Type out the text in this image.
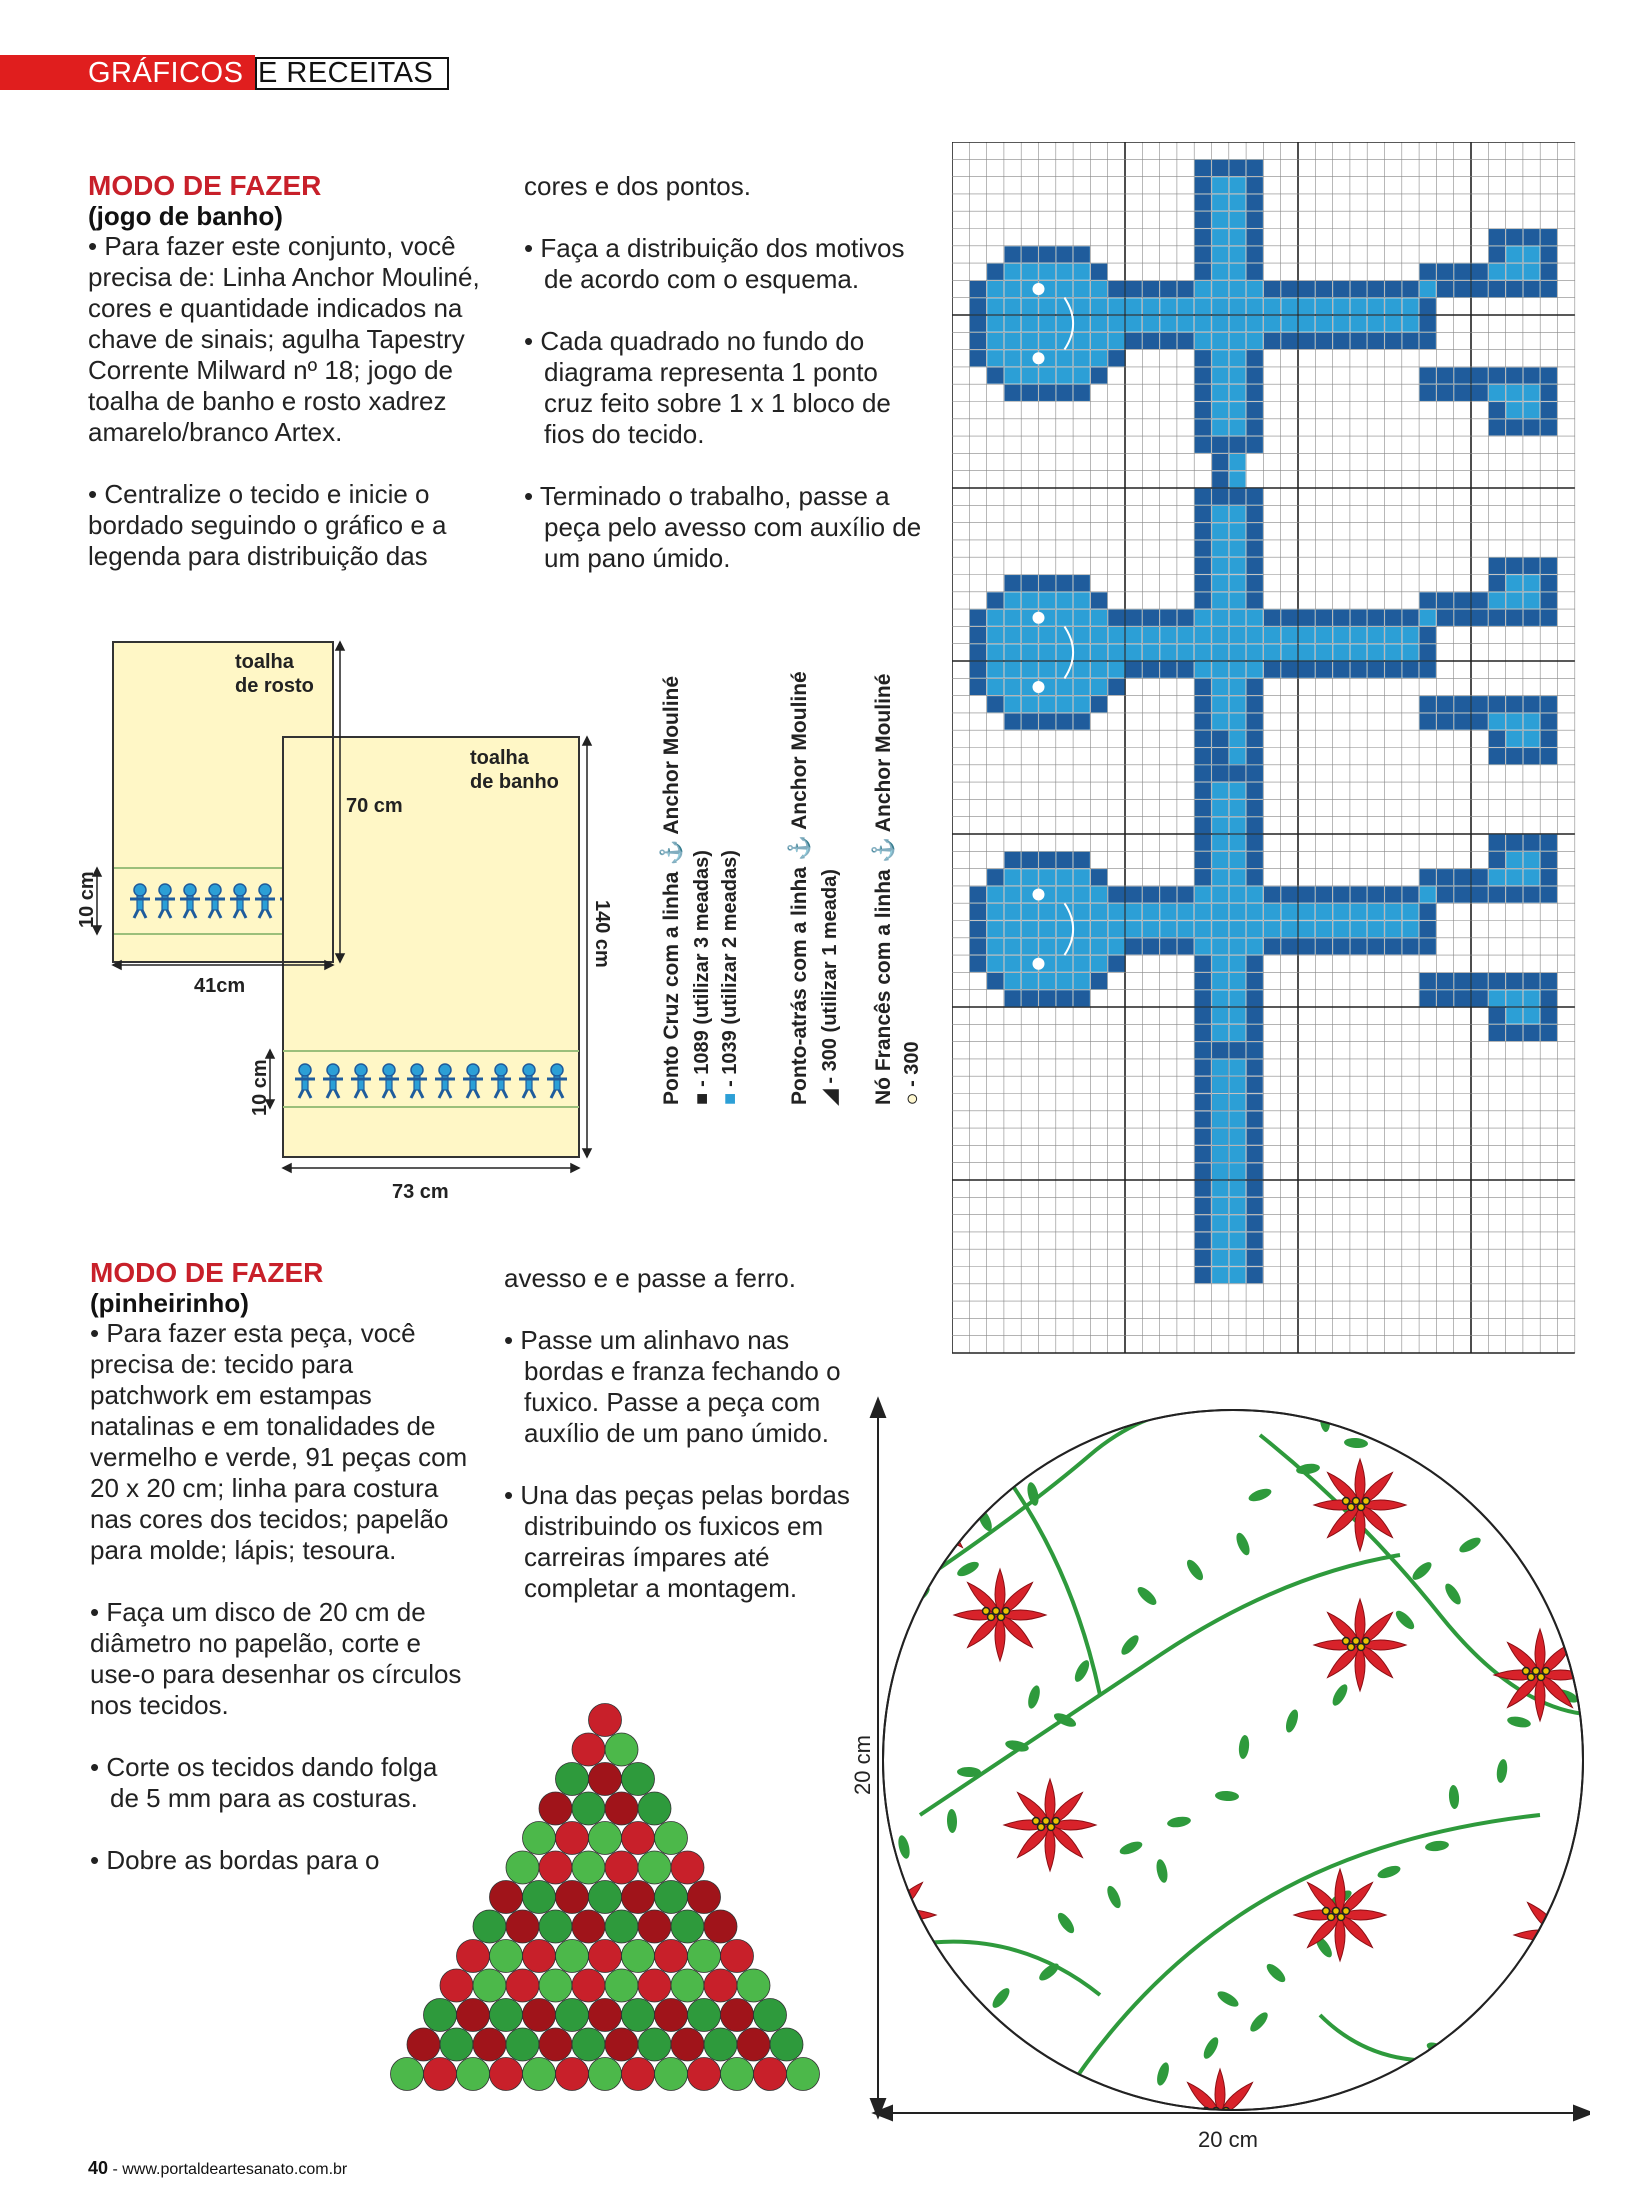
GRÁFICOS E RECEITAS
MODO DE FAZER
(jogo de banho)
• Para fazer este conjunto, você precisa de: Linha Anchor Mouliné, cores e quantidade indicados na chave de sinais; agulha Tapestry Corrente Milward nº 18; jogo de toalha de banho e rosto xadrez amarelo/branco Artex.
• Centralize o tecido e inicie o bordado seguindo o gráfico e a legenda para distribuição das
cores e dos pontos.
• Faça a distribuição dos motivos de acordo com o esquema.
• Cada quadrado no fundo do diagrama representa 1 ponto cruz feito sobre 1 x 1 bloco de fios do tecido.
• Terminado o trabalho, passe a peça pelo avesso com auxílio de um pano úmido.
toalha
de rosto
toalha
de banho
70 cm
10 cm
41cm
140 cm
10 cm
73 cm
Ponto Cruz com a linha ⚓ Anchor Mouliné ■- 1089 (utilizar 3 meadas)
■- 1039 (utilizar 2 meadas) Ponto-atrás com a linha ⚓ Anchor Mouliné ◢- 300 (utilizar 1 meada) Nó Francês com a linha ⚓ Anchor Mouliné ●- 300
MODO DE FAZER
(pinheirinho)
• Para fazer esta peça, você precisa de: tecido para patchwork em estampas natalinas e em tonalidades de vermelho e verde, 91 peças com 20 x 20 cm; linha para costura nas cores dos tecidos; papelão para molde; lápis; tesoura.
• Faça um disco de 20 cm de diâmetro no papelão, corte e use-o para desenhar os círculos nos tecidos.
• Corte os tecidos dando folga de 5 mm para as costuras.
• Dobre as bordas para o
avesso e e passe a ferro.
• Passe um alinhavo nas bordas e franza fechando o fuxico. Passe a peça com auxílio de um pano úmido.
• Una das peças pelas bordas distribuindo os fuxicos em carreiras ímpares até completar a montagem.
20 cm
20 cm
40 - www.portaldeartesanato.com.br
